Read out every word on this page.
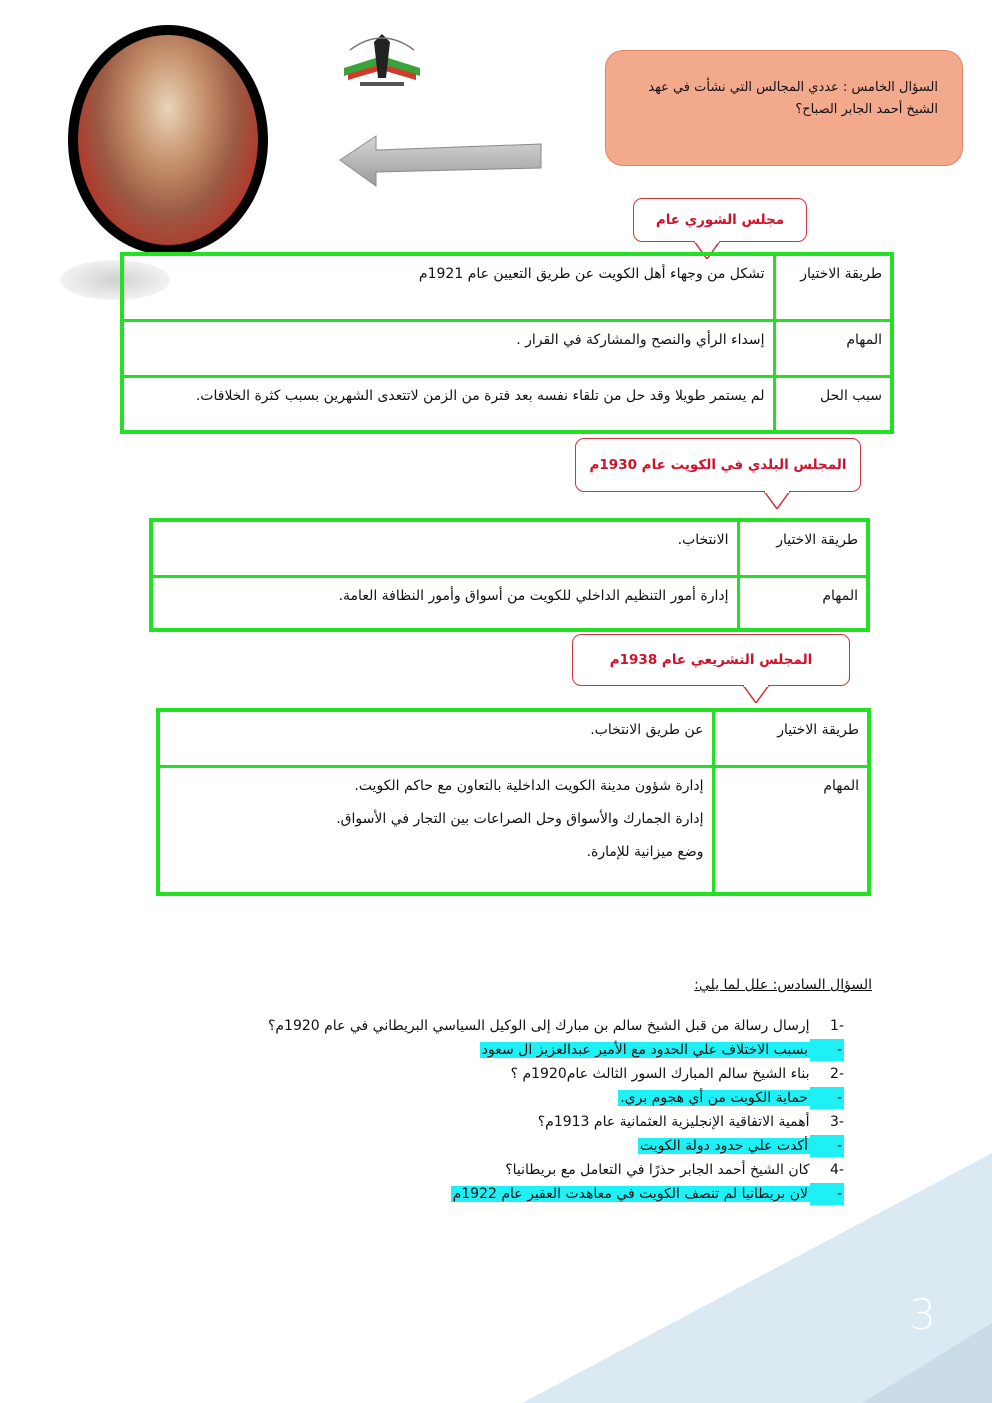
3
السؤال الخامس : عددي المجالس التي نشأت في عهد الشيخ أحمد الجابر الصباح؟
مجلس الشوري عام
طريقة الاختيار	تشكل من وجهاء أهل الكويت عن طريق التعيين عام 1921م
المهام	إسداء الرأي والنصح والمشاركة في القرار .
سبب الحل	لم يستمر طويلا وقد حل من تلقاء نفسه بعد فترة من الزمن لاتتعدى الشهرين بسبب كثرة الخلافات.
المجلس البلدي في الكويت عام 1930م
طريقة الاختيار	الانتخاب.
المهام	إدارة أمور التنظيم الداخلي للكويت من أسواق وأمور النظافة العامة.
المجلس التشريعي عام 1938م
طريقة الاختيار	عن طريق الانتخاب.
المهام	إدارة شؤون مدينة الكويت الداخلية بالتعاون مع حاكم الكويت.
إدارة الجمارك والأسواق وحل الصراعات بين التجار في الأسواق.
وضع ميزانية للإمارة.
السؤال السادس: علل لما يلي:
-1 إرسال رسالة من قبل الشيخ سالم بن مبارك إلى الوكيل السياسي البريطاني في عام 1920م؟
-بسبب الاختلاف علي الحدود مع الأمير عبدالعزيز ال سعود
-2 بناء الشيخ سالم المبارك السور الثالث عام1920م ؟
-حماية الكويت من أي هجوم بري.
-3 أهمية الاتفاقية الإنجليزية العثمانية عام 1913م؟
-أكدت علي حدود دولة الكويت
-4 كان الشيخ أحمد الجابر حذرًا في التعامل مع بريطانيا؟
-لان بريطانيا لم تنصف الكويت في معاهدت العقير عام 1922م
